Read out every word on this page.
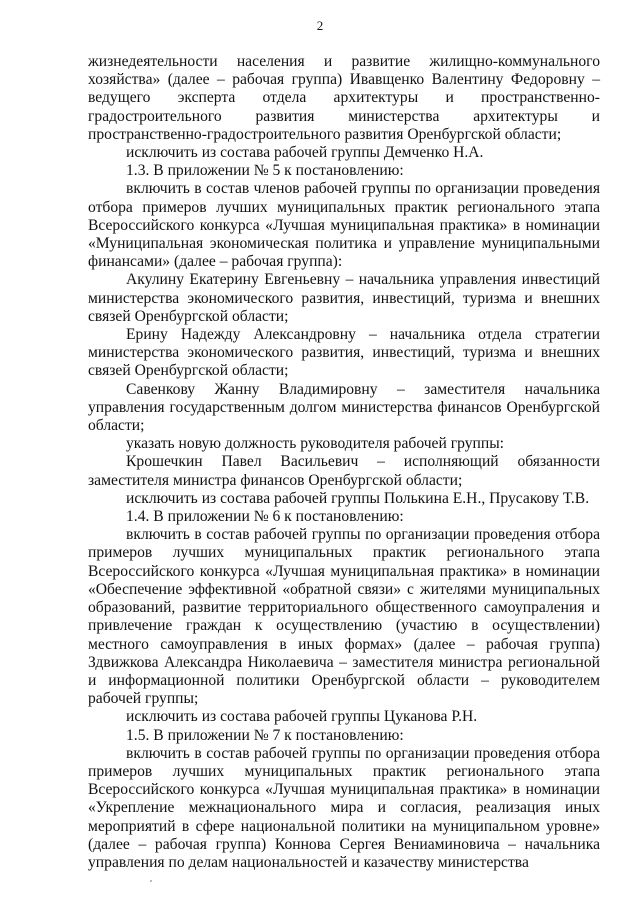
2

жизнедеятельности населения и развитие жилищно-коммунального хозяйства» (далее – рабочая группа) Ивавщенко Валентину Федоровну – ведущего эксперта отдела архитектуры и пространственно-градостроительного развития министерства архитектуры и пространственно-градостроительного развития Оренбургской области;

исключить из состава рабочей группы Демченко Н.А.

1.3. В приложении № 5 к постановлению:

включить в состав членов рабочей группы по организации проведения отбора примеров лучших муниципальных практик регионального этапа Всероссийского конкурса «Лучшая муниципальная практика» в номинации «Муниципальная экономическая политика и управление муниципальными финансами» (далее – рабочая группа):

Акулину Екатерину Евгеньевну – начальника управления инвестиций министерства экономического развития, инвестиций, туризма и внешних связей Оренбургской области;

Ерину Надежду Александровну – начальника отдела стратегии министерства экономического развития, инвестиций, туризма и внешних связей Оренбургской области;

Савенкову Жанну Владимировну – заместителя начальника управления государственным долгом министерства финансов Оренбургской области;

указать новую должность руководителя рабочей группы:

Крошечкин Павел Васильевич – исполняющий обязанности заместителя министра финансов Оренбургской области;

исключить из состава рабочей группы Полькина Е.Н., Прусакову Т.В.

1.4. В приложении № 6 к постановлению:

включить в состав рабочей группы по организации проведения отбора примеров лучших муниципальных практик регионального этапа Всероссийского конкурса «Лучшая муниципальная практика» в номинации «Обеспечение эффективной «обратной связи» с жителями муниципальных образований, развитие территориального общественного самоупраления и привлечение граждан к осуществлению (участию в осуществлении) местного самоуправления в иных формах» (далее – рабочая группа) Здвижкова Александра Николаевича – заместителя министра региональной и информационной политики Оренбургской области – руководителем рабочей группы;

исключить из состава рабочей группы Цуканова Р.Н.

1.5. В приложении № 7 к постановлению:

включить в состав рабочей группы по организации проведения отбора примеров лучших муниципальных практик регионального этапа Всероссийского конкурса «Лучшая муниципальная практика» в номинации «Укрепление межнационального мира и согласия, реализация иных мероприятий в сфере национальной политики на муниципальном уровне» (далее – рабочая группа) Коннова Сергея Вениаминовича – начальника управления по делам национальностей и казачеству министерства
